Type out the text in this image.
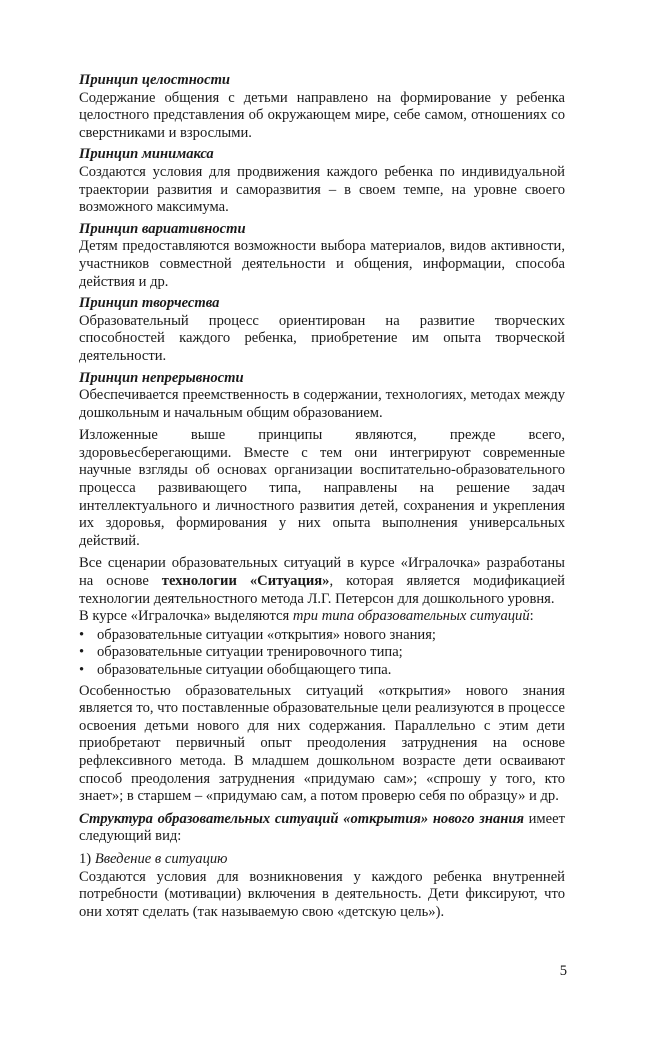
Принцип целостности

Содержание общения с детьми направлено на формирование у ребенка целостного представления об окружающем мире, себе самом, отношениях со сверстниками и взрослыми.

Принцип минимакса

Создаются условия для продвижения каждого ребенка по индивидуальной траектории развития и саморазвития – в своем темпе, на уровне своего возможного максимума.

Принцип вариативности

Детям предоставляются возможности выбора материалов, видов активности, участников совместной деятельности и общения, информации, способа действия и др.

Принцип творчества

Образовательный процесс ориентирован на развитие творческих способностей каждого ребенка, приобретение им опыта творческой деятельности.

Принцип непрерывности

Обеспечивается преемственность в содержании, технологиях, методах между дошкольным и начальным общим образованием.

Изложенные выше принципы являются, прежде всего, здоровьесберегающими. Вместе с тем они интегрируют современные научные взгляды об основах организации воспитательно-образовательного процесса развивающего типа, направлены на решение задач интеллектуального и личностного развития детей, сохранения и укрепления их здоровья, формирования у них опыта выполнения универсальных действий.

Все сценарии образовательных ситуаций в курсе «Игралочка» разработаны на основе технологии «Ситуация», которая является модификацией технологии деятельностного метода Л.Г. Петерсон для дошкольного уровня.

В курсе «Игралочка» выделяются три типа образовательных ситуаций:

• образовательные ситуации «открытия» нового знания;
• образовательные ситуации тренировочного типа;
• образовательные ситуации обобщающего типа.

Особенностью образовательных ситуаций «открытия» нового знания является то, что поставленные образовательные цели реализуются в процессе освоения детьми нового для них содержания. Параллельно с этим дети приобретают первичный опыт преодоления затруднения на основе рефлексивного метода. В младшем дошкольном возрасте дети осваивают способ преодоления затруднения «придумаю сам»; «спрошу у того, кто знает»; в старшем – «придумаю сам, а потом проверю себя по образцу» и др.

Структура образовательных ситуаций «открытия» нового знания имеет следующий вид:

1) Введение в ситуацию

Создаются условия для возникновения у каждого ребенка внутренней потребности (мотивации) включения в деятельность. Дети фиксируют, что они хотят сделать (так называемую свою «детскую цель»).

5
